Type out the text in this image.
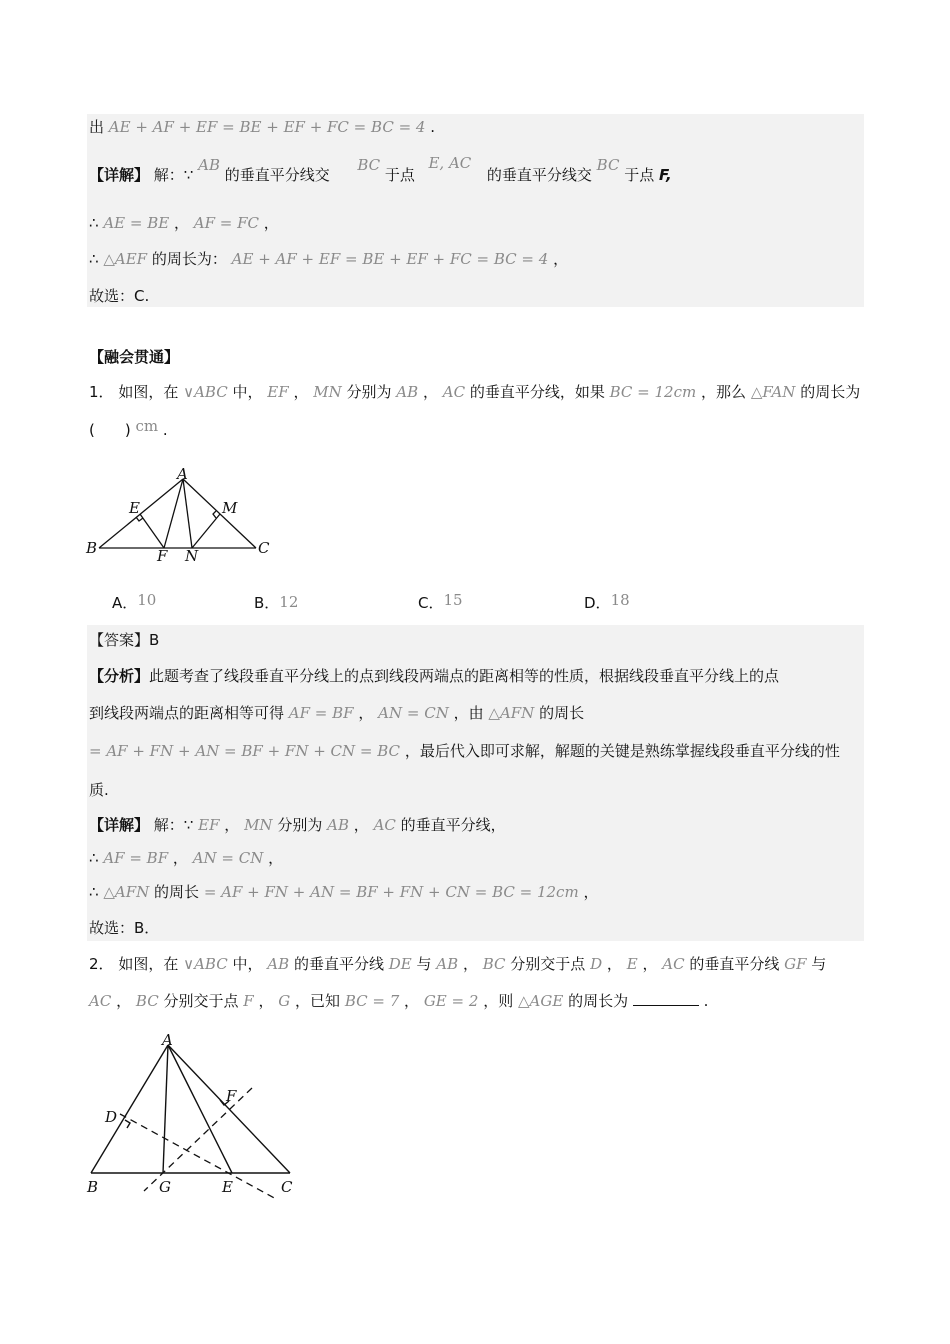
出 AE + AF + EF = BE + EF + FC = BC = 4 .
【详解】 解：∵ AB 的垂直平分线交  BC 于点  E, AC  的垂直平分线交 BC 于点 F,
∴ AE = BE ， AF = FC ，
∴ △AEF 的周长为： AE + AF + EF = BE + EF + FC = BC = 4 ，
故选：C.
【融会贯通】
1． 如图，在 ∨ABC 中， EF ， MN 分别为 AB ， AC 的垂直平分线，如果 BC = 12cm ，那么 △FAN 的周长为
(　　) cm .
A
E	M
B	F N	C
A．10	B．12	C．15	D．18
【答案】B
【分析】此题考查了线段垂直平分线上的点到线段两端点的距离相等的性质，根据线段垂直平分线上的点
到线段两端点的距离相等可得 AF = BF ， AN = CN ，由 △AFN 的周长
= AF + FN + AN = BF + FN + CN = BC ，最后代入即可求解，解题的关键是熟练掌握线段垂直平分线的性
质.
【详解】 解：∵ EF ， MN 分别为 AB ， AC 的垂直平分线，
∴ AF = BF ， AN = CN ，
∴ △AFN 的周长 = AF + FN + AN = BF + FN + CN = BC = 12cm ，
故选：B．
2． 如图，在 ∨ABC 中， AB 的垂直平分线 DE 与 AB ， BC 分别交于点 D ， E ， AC 的垂直平分线 GF 与
AC ， BC 分别交于点 F ， G ，已知 BC = 7 ， GE = 2 ，则 △AGE 的周长为	.
A
D
F
B	G	E	C
